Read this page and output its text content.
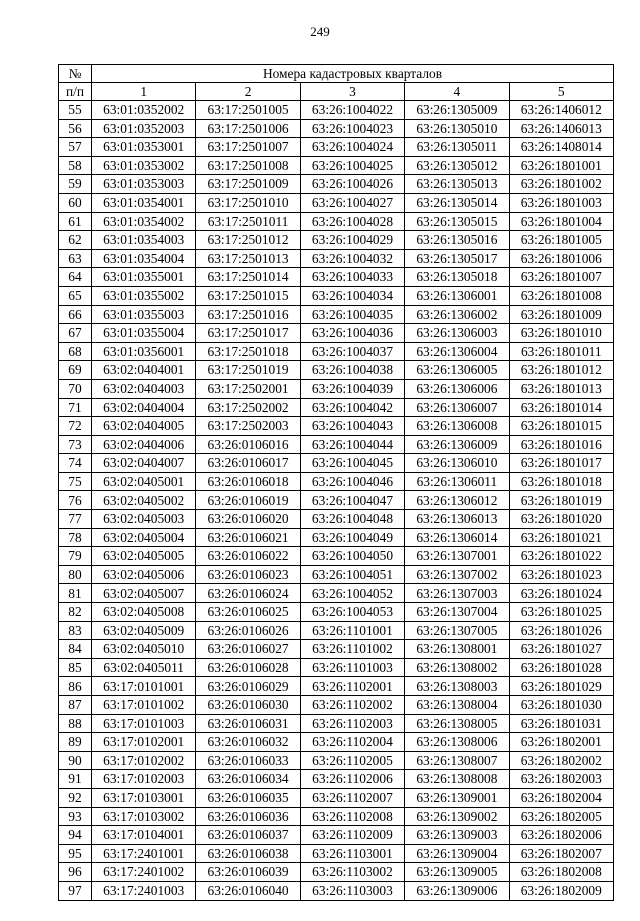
249
№	Номера кадастровых кварталов				
п/п	1	2	3	4	5
55	63:01:0352002	63:17:2501005	63:26:1004022	63:26:1305009	63:26:1406012
56	63:01:0352003	63:17:2501006	63:26:1004023	63:26:1305010	63:26:1406013
57	63:01:0353001	63:17:2501007	63:26:1004024	63:26:1305011	63:26:1408014
58	63:01:0353002	63:17:2501008	63:26:1004025	63:26:1305012	63:26:1801001
59	63:01:0353003	63:17:2501009	63:26:1004026	63:26:1305013	63:26:1801002
60	63:01:0354001	63:17:2501010	63:26:1004027	63:26:1305014	63:26:1801003
61	63:01:0354002	63:17:2501011	63:26:1004028	63:26:1305015	63:26:1801004
62	63:01:0354003	63:17:2501012	63:26:1004029	63:26:1305016	63:26:1801005
63	63:01:0354004	63:17:2501013	63:26:1004032	63:26:1305017	63:26:1801006
64	63:01:0355001	63:17:2501014	63:26:1004033	63:26:1305018	63:26:1801007
65	63:01:0355002	63:17:2501015	63:26:1004034	63:26:1306001	63:26:1801008
66	63:01:0355003	63:17:2501016	63:26:1004035	63:26:1306002	63:26:1801009
67	63:01:0355004	63:17:2501017	63:26:1004036	63:26:1306003	63:26:1801010
68	63:01:0356001	63:17:2501018	63:26:1004037	63:26:1306004	63:26:1801011
69	63:02:0404001	63:17:2501019	63:26:1004038	63:26:1306005	63:26:1801012
70	63:02:0404003	63:17:2502001	63:26:1004039	63:26:1306006	63:26:1801013
71	63:02:0404004	63:17:2502002	63:26:1004042	63:26:1306007	63:26:1801014
72	63:02:0404005	63:17:2502003	63:26:1004043	63:26:1306008	63:26:1801015
73	63:02:0404006	63:26:0106016	63:26:1004044	63:26:1306009	63:26:1801016
74	63:02:0404007	63:26:0106017	63:26:1004045	63:26:1306010	63:26:1801017
75	63:02:0405001	63:26:0106018	63:26:1004046	63:26:1306011	63:26:1801018
76	63:02:0405002	63:26:0106019	63:26:1004047	63:26:1306012	63:26:1801019
77	63:02:0405003	63:26:0106020	63:26:1004048	63:26:1306013	63:26:1801020
78	63:02:0405004	63:26:0106021	63:26:1004049	63:26:1306014	63:26:1801021
79	63:02:0405005	63:26:0106022	63:26:1004050	63:26:1307001	63:26:1801022
80	63:02:0405006	63:26:0106023	63:26:1004051	63:26:1307002	63:26:1801023
81	63:02:0405007	63:26:0106024	63:26:1004052	63:26:1307003	63:26:1801024
82	63:02:0405008	63:26:0106025	63:26:1004053	63:26:1307004	63:26:1801025
83	63:02:0405009	63:26:0106026	63:26:1101001	63:26:1307005	63:26:1801026
84	63:02:0405010	63:26:0106027	63:26:1101002	63:26:1308001	63:26:1801027
85	63:02:0405011	63:26:0106028	63:26:1101003	63:26:1308002	63:26:1801028
86	63:17:0101001	63:26:0106029	63:26:1102001	63:26:1308003	63:26:1801029
87	63:17:0101002	63:26:0106030	63:26:1102002	63:26:1308004	63:26:1801030
88	63:17:0101003	63:26:0106031	63:26:1102003	63:26:1308005	63:26:1801031
89	63:17:0102001	63:26:0106032	63:26:1102004	63:26:1308006	63:26:1802001
90	63:17:0102002	63:26:0106033	63:26:1102005	63:26:1308007	63:26:1802002
91	63:17:0102003	63:26:0106034	63:26:1102006	63:26:1308008	63:26:1802003
92	63:17:0103001	63:26:0106035	63:26:1102007	63:26:1309001	63:26:1802004
93	63:17:0103002	63:26:0106036	63:26:1102008	63:26:1309002	63:26:1802005
94	63:17:0104001	63:26:0106037	63:26:1102009	63:26:1309003	63:26:1802006
95	63:17:2401001	63:26:0106038	63:26:1103001	63:26:1309004	63:26:1802007
96	63:17:2401002	63:26:0106039	63:26:1103002	63:26:1309005	63:26:1802008
97	63:17:2401003	63:26:0106040	63:26:1103003	63:26:1309006	63:26:1802009
